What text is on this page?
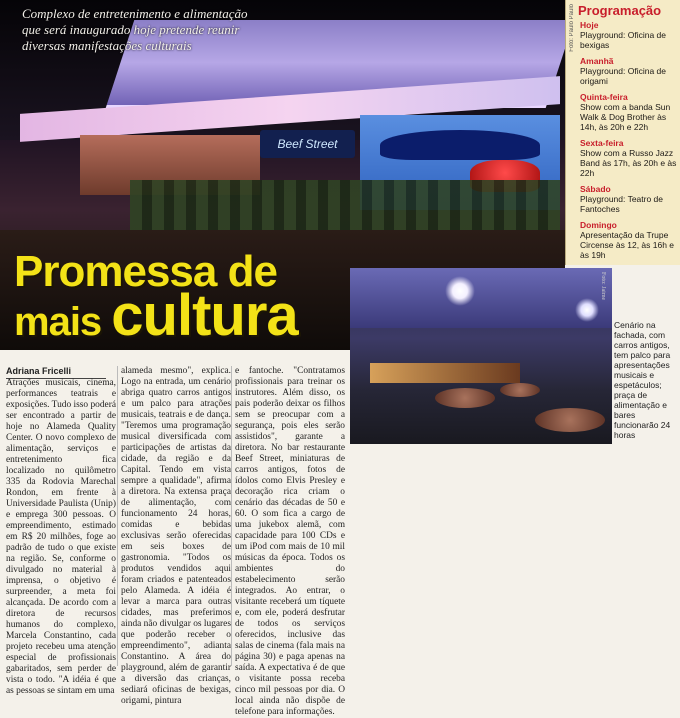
Beef Street

Complexo de entretenimento e alimentação que será inaugurado hoje pretende reunir diversas manifestações culturais

Promessa de
mais cultura
Foto: Paulo Paulo Programação
Hoje
Playground: Oficina de bexigas
Amanhã
Playground: Oficina de origami
Quinta-feira
Show com a banda Sun Walk & Dog Brother às 14h, às 20h e 22h
Sexta-feira
Show com a Russo Jazz Band às 17h, às 20h e às 22h
Sábado
Playground: Teatro de Fantoches
Domingo
Apresentação da Trupe Circense às 12, às 16h e às 19h
Foto: Jaime

Cenário na fachada, com carros antigos, tem palco para apresentações musicais e espetáculos; praça de alimentação e bares funcionarão 24 horas

Adriana Fricelli

Atrações musicais, cinema, performances teatrais e exposições. Tudo isso poderá ser encontrado a partir de hoje no Alameda Quality Center. O novo complexo de alimentação, serviços e entretenimento fica localizado no quilômetro 335 da Rodovia Marechal Rondon, em frente à Universidade Paulista (Unip) e emprega 300 pessoas. O empreendimento, estimado em R$ 20 milhões, foge ao padrão de tudo o que existe na região. Se, conforme o divulgado no material à imprensa, o objetivo é surpreender, a meta foi alcançada. De acordo com a diretora de recursos humanos do complexo, Marcela Constantino, cada projeto recebeu uma atenção especial de profissionais gabaritados, sem perder de vista o todo. "A idéia é que as pessoas se sintam em uma

alameda mesmo", explica. Logo na entrada, um cenário abriga quatro carros antigos e um palco para atrações musicais, teatrais e de dança. "Teremos uma programação musical diversificada com participações de artistas da cidade, da região e da Capital. Tendo em vista sempre a qualidade", afirma a diretora. Na extensa praça de alimentação, com funcionamento 24 horas, comidas e bebidas exclusivas serão oferecidas em seis boxes de gastronomia. "Todos os produtos vendidos aqui foram criados e patenteados pelo Alameda. A idéia é levar a marca para outras cidades, mas preferimos ainda não divulgar os lugares que poderão receber o empreendimento", adianta Constantino. A área do playground, além de garantir a diversão das crianças, sediará oficinas de bexigas, origami, pintura

e fantoche. "Contratamos profissionais para treinar os instrutores. Além disso, os pais poderão deixar os filhos sem se preocupar com a segurança, pois eles serão assistidos", garante a diretora. No bar restaurante Beef Street, miniaturas de carros antigos, fotos de ídolos como Elvis Presley e decoração rica criam o cenário das décadas de 50 e 60. O som fica a cargo de uma jukebox alemã, com capacidade para 100 CDs e um iPod com mais de 10 mil músicas da época. Todos os ambientes do estabelecimento serão integrados. Ao entrar, o visitante receberá um tíquete e, com ele, poderá desfrutar de todos os serviços oferecidos, inclusive das salas de cinema (fala mais na página 30) e paga apenas na saída. A expectativa é de que o visitante possa receba cinco mil pessoas por dia. O local ainda não dispõe de telefone para informações.
